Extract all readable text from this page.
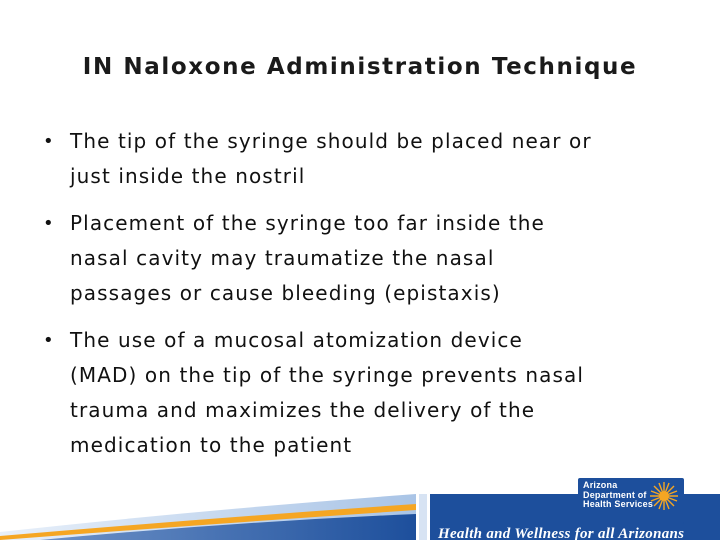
IN Naloxone Administration Technique
• The tip of the syringe should be placed near or
just inside the nostril
• Placement of the syringe too far inside the
nasal cavity may traumatize the nasal
passages or cause bleeding (epistaxis)
• The use of a mucosal atomization device
(MAD) on the tip of the syringe prevents nasal
trauma and maximizes the delivery of the
medication to the patient
Arizona
Department of
Health Services
Health and Wellness for all Arizonans
